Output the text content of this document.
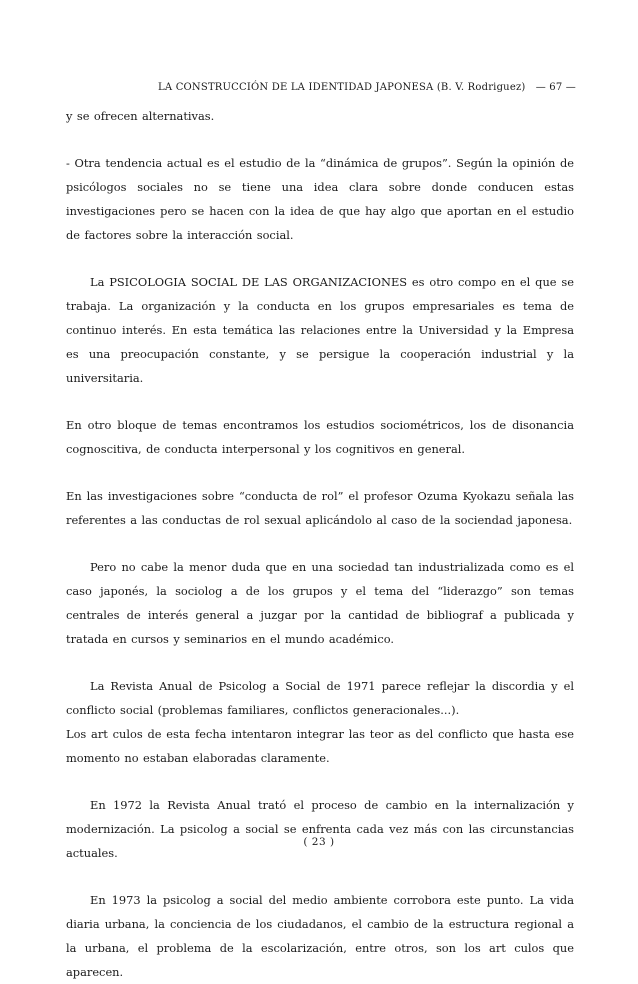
LA CONSTRUCCIÓN DE LA IDENTIDAD JAPONESA (B. V. Rodriguez)　— 67 —

y se ofrecen alternativas.

- Otra tendencia actual es el estudio de la “dinámica de grupos”. Según la opinión de psicólogos sociales no se tiene una idea clara sobre donde conducen estas investigaciones pero se hacen con la idea de que hay algo que aportan en el estudio de factores sobre la interacción social.

La PSICOLOGIA SOCIAL DE LAS ORGANIZACIONES es otro compo en el que se trabaja. La organización y la conducta en los grupos empresariales es tema de continuo interés. En esta temática las relaciones entre la Universidad y la Empresa es una preocupación constante, y se persigue la cooperación industrial y la universitaria.

En otro bloque de temas encontramos los estudios sociométricos, los de disonancia cognoscitiva, de conducta interpersonal y los cognitivos en general.

En las investigaciones sobre “conducta de rol” el profesor Ozuma Kyokazu señala las referentes a las conductas de rol sexual aplicándolo al caso de la sociendad japonesa.

Pero no cabe la menor duda que en una sociedad tan industrializada como es el caso japonés, la sociolog a de los grupos y el tema del “liderazgo” son temas centrales de interés general a juzgar por la cantidad de bibliograf a publicada y tratada en cursos y seminarios en el mundo académico.

La Revista Anual de Psicolog a Social de 1971 parece reflejar la discordia y el conflicto social (problemas familiares, conflictos generacionales...).

Los art culos de esta fecha intentaron integrar las teor as del conflicto que hasta ese momento no estaban elaboradas claramente.

En 1972 la Revista Anual trató el proceso de cambio en la internalización y modernización. La psicolog a social se enfrenta cada vez más con las circunstancias actuales.

En 1973 la psicolog a social del medio ambiente corrobora este punto. La vida diaria urbana, la conciencia de los ciudadanos, el cambio de la estructura regional a la urbana, el problema de la escolarización, entre otros, son los art culos que aparecen.

( 23 )
